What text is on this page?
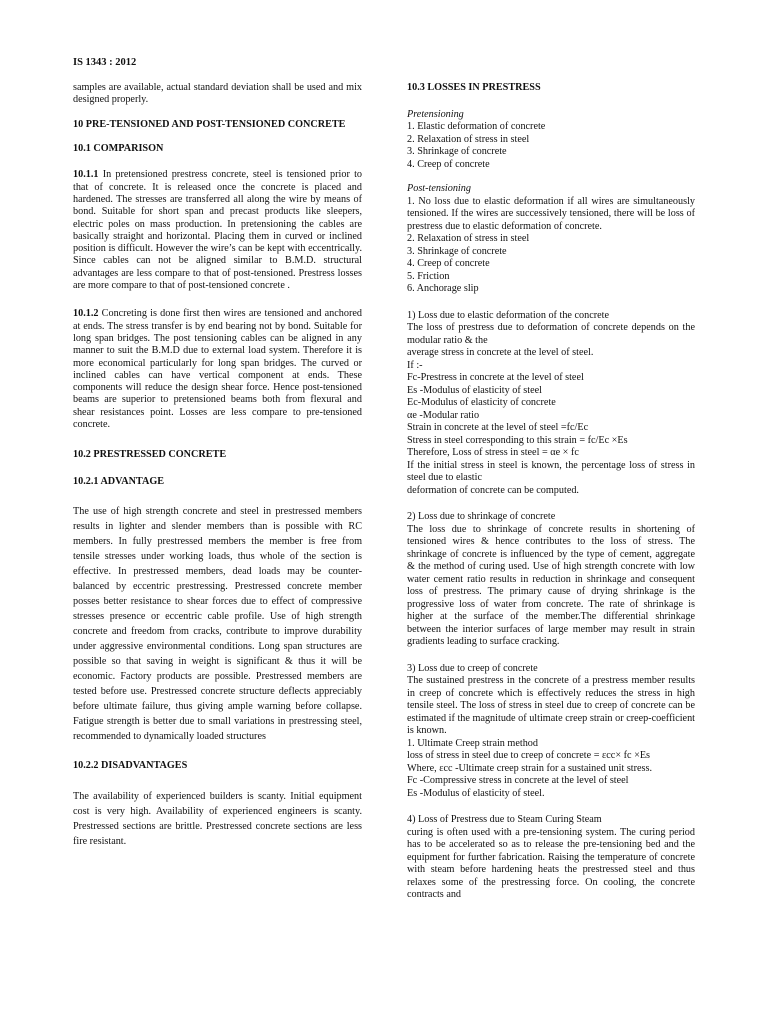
IS 1343 : 2012

samples are available, actual standard deviation shall be used and mix designed properly.

10 PRE-TENSIONED AND POST-TENSIONED CONCRETE

10.1 COMPARISON

10.1.1 In pretensioned prestress concrete, steel is tensioned prior to that of concrete. It is released once the concrete is placed and hardened. The stresses are transferred all along the wire by means of bond. Suitable for short span and precast products like sleepers, electric poles on mass production. In pretensioning the cables are basically straight and horizontal. Placing them in curved or inclined position is difficult. However the wire’s can be kept with eccentrically. Since cables can not be aligned similar to B.M.D. structural advantages are less compare to that of post-tensioned. Prestress losses are more compare to that of post-tensioned concrete .

10.1.2 Concreting is done first then wires are tensioned and anchored at ends. The stress transfer is by end bearing not by bond. Suitable for long span bridges. The post tensioning cables can be aligned in any manner to suit the B.M.D due to external load system. Therefore it is more economical particularly for long span bridges. The curved or inclined cables can have vertical component at ends. These components will reduce the design shear force. Hence post-tensioned beams are superior to pretensioned beams both from flexural and shear resistances point. Losses are less compare to pre-tensioned concrete.

10.2 PRESTRESSED CONCRETE

10.2.1 ADVANTAGE

The use of high strength concrete and steel in prestressed members results in lighter and slender members than is possible with RC members. In fully prestressed members the member is free from tensile stresses under working loads, thus whole of the section is effective. In prestressed members, dead loads may be counter-balanced by eccentric prestressing. Prestressed concrete member posses better resistance to shear forces due to effect of compressive stresses presence or eccentric cable profile. Use of high strength concrete and freedom from cracks, contribute to improve durability under aggressive environmental conditions. Long span structures are possible so that saving in weight is significant & thus it will be economic. Factory products are possible. Prestressed members are tested before use. Prestressed concrete structure deflects appreciably before ultimate failure, thus giving ample warning before collapse. Fatigue strength is better due to small variations in prestressing steel, recommended to dynamically loaded structures

10.2.2 DISADVANTAGES

The availability of experienced builders is scanty. Initial equipment cost is very high. Availability of experienced engineers is scanty. Prestressed sections are brittle. Prestressed concrete sections are less fire resistant.

10.3 LOSSES IN PRESTRESS

Pretensioning

1. Elastic deformation of concrete

2. Relaxation of stress in steel

3. Shrinkage of concrete

4. Creep of concrete

Post-tensioning

1. No loss due to elastic deformation if all wires are simultaneously tensioned. If the wires are successively tensioned, there will be loss of prestress due to elastic deformation of concrete.

2. Relaxation of stress in steel

3. Shrinkage of concrete

4. Creep of concrete

5. Friction

6. Anchorage slip

1) Loss due to elastic deformation of the concrete

The loss of prestress due to deformation of concrete depends on the modular ratio & the

average stress in concrete at the level of steel.

If :-

Fc-Prestress in concrete at the level of steel

Es -Modulus of elasticity of steel

Ec-Modulus of elasticity of concrete

αe -Modular ratio

Strain in concrete at the level of steel =fc/Ec

Stress in steel corresponding to this strain = fc/Ec ×Es

Therefore, Loss of stress in steel = αe × fc

If the initial stress in steel is known, the percentage loss of stress in steel due to elastic

deformation of concrete can be computed.

2) Loss due to shrinkage of concrete

The loss due to shrinkage of concrete results in shortening of tensioned wires & hence contributes to the loss of stress. The shrinkage of concrete is influenced by the type of cement, aggregate & the method of curing used. Use of high strength concrete with low water cement ratio results in reduction in shrinkage and consequent loss of prestress. The primary cause of drying shrinkage is the progressive loss of water from concrete. The rate of shrinkage is higher at the surface of the member.The differential shrinkage between the interior surfaces of large member may result in strain gradients leading to surface cracking.

3) Loss due to creep of concrete

The sustained prestress in the concrete of a prestress member results in creep of concrete which is effectively reduces the stress in high tensile steel. The loss of stress in steel due to creep of concrete can be estimated if the magnitude of ultimate creep strain or creep-coefficient is known.

1. Ultimate Creep strain method

loss of stress in steel due to creep of concrete = εcc× fc ×Es

Where, εcc -Ultimate creep strain for a sustained unit stress.

Fc -Compressive stress in concrete at the level of steel

Es -Modulus of elasticity of steel.

4) Loss of Prestress due to Steam Curing Steam

curing is often used with a pre-tensioning system. The curing period has to be accelerated so as to release the pre-tensioning bed and the equipment for further fabrication. Raising the temperature of concrete with steam before hardening heats the prestressed steel and thus relaxes some of the prestressing force. On cooling, the concrete contracts and
